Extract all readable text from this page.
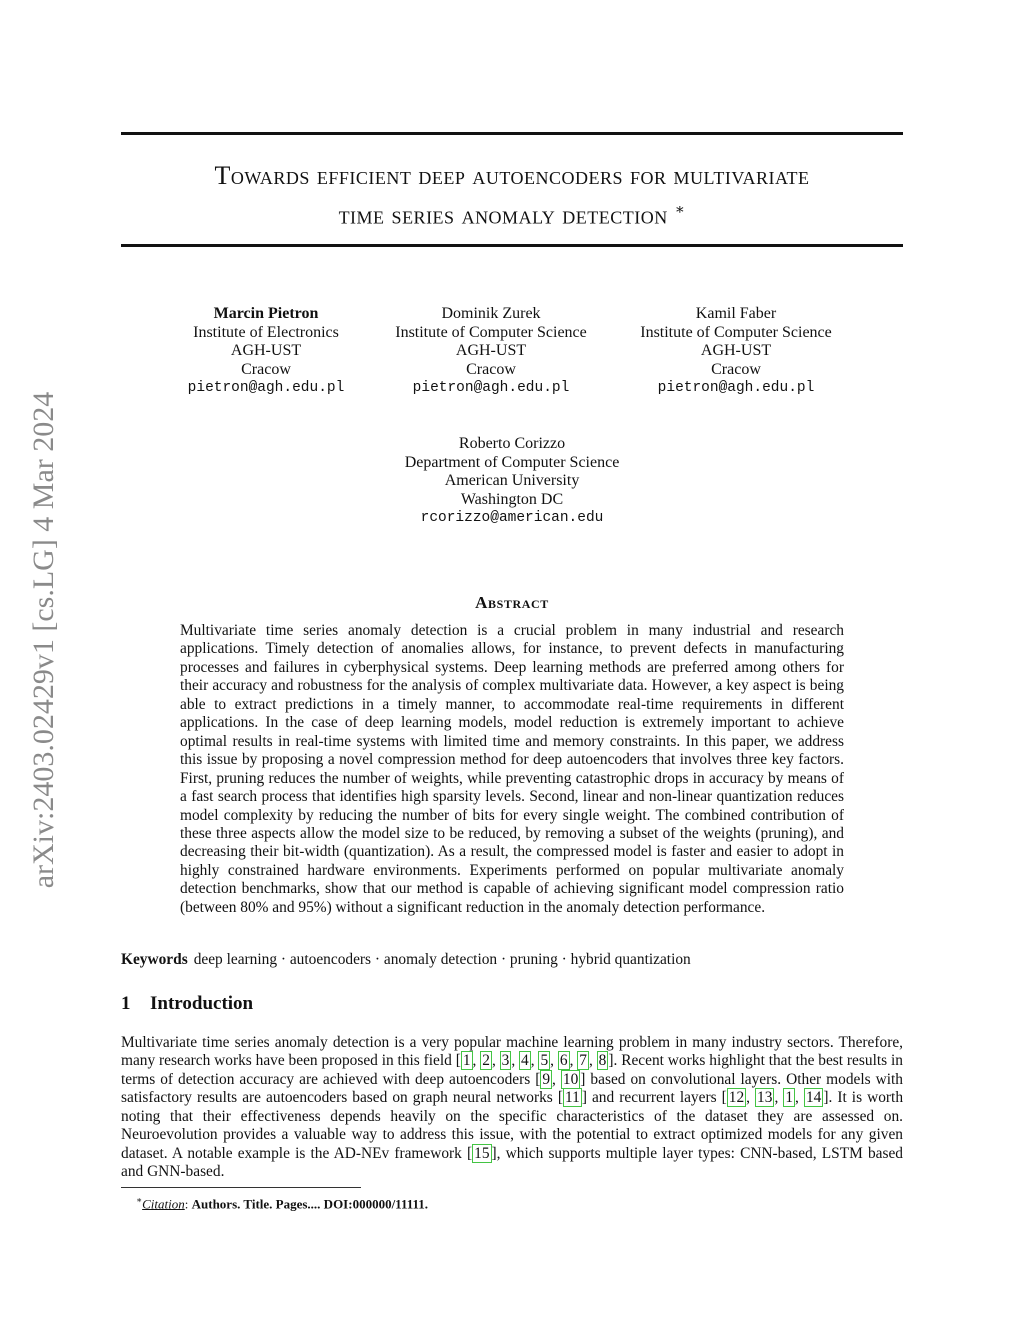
arXiv:2403.02429v1 [cs.LG] 4 Mar 2024
Towards efficient deep autoencoders for multivariate
time series anomaly detection ∗
Marcin Pietron
Institute of Electronics
AGH-UST
Cracow
pietron@agh.edu.pl
Dominik Zurek
Institute of Computer Science
AGH-UST
Cracow
pietron@agh.edu.pl
Kamil Faber
Institute of Computer Science
AGH-UST
Cracow
pietron@agh.edu.pl
Roberto Corizzo
Department of Computer Science
American University
Washington DC
rcorizzo@american.edu
Abstract
Multivariate time series anomaly detection is a crucial problem in many industrial and research applications. Timely detection of anomalies allows, for instance, to prevent defects in manufacturing processes and failures in cyberphysical systems. Deep learning methods are preferred among others for their accuracy and robustness for the analysis of complex multivariate data. However, a key aspect is being able to extract predictions in a timely manner, to accommodate real-time requirements in different applications. In the case of deep learning models, model reduction is extremely important to achieve optimal results in real-time systems with limited time and memory constraints. In this paper, we address this issue by proposing a novel compression method for deep autoencoders that involves three key factors. First, pruning reduces the number of weights, while preventing catastrophic drops in accuracy by means of a fast search process that identifies high sparsity levels. Second, linear and non-linear quantization reduces model complexity by reducing the number of bits for every single weight. The combined contribution of these three aspects allow the model size to be reduced, by removing a subset of the weights (pruning), and decreasing their bit-width (quantization). As a result, the compressed model is faster and easier to adopt in highly constrained hardware environments. Experiments performed on popular multivariate anomaly detection benchmarks, show that our method is capable of achieving significant model compression ratio (between 80% and 95%) without a significant reduction in the anomaly detection performance.
Keywords deep learning · autoencoders · anomaly detection · pruning · hybrid quantization
1 Introduction
Multivariate time series anomaly detection is a very popular machine learning problem in many industry sectors. Therefore, many research works have been proposed in this field [ 1 , 2 , 3 , 4 , 5 , 6 , 7 , 8 ]. Recent works highlight that the best results in terms of detection accuracy are achieved with deep autoencoders [ 9 , 10 ] based on convolutional layers. Other models with satisfactory results are autoencoders based on graph neural networks [ 11 ] and recurrent layers [ 12 , 13 , 1 , 14 ]. It is worth noting that their effectiveness depends heavily on the specific characteristics of the dataset they are assessed on. Neuroevolution provides a valuable way to address this issue, with the potential to extract optimized models for any given dataset. A notable example is the AD-NEv framework [ 15 ], which supports multiple layer types: CNN-based, LSTM based and GNN-based.
∗Citation: Authors. Title. Pages.... DOI:000000/11111.
